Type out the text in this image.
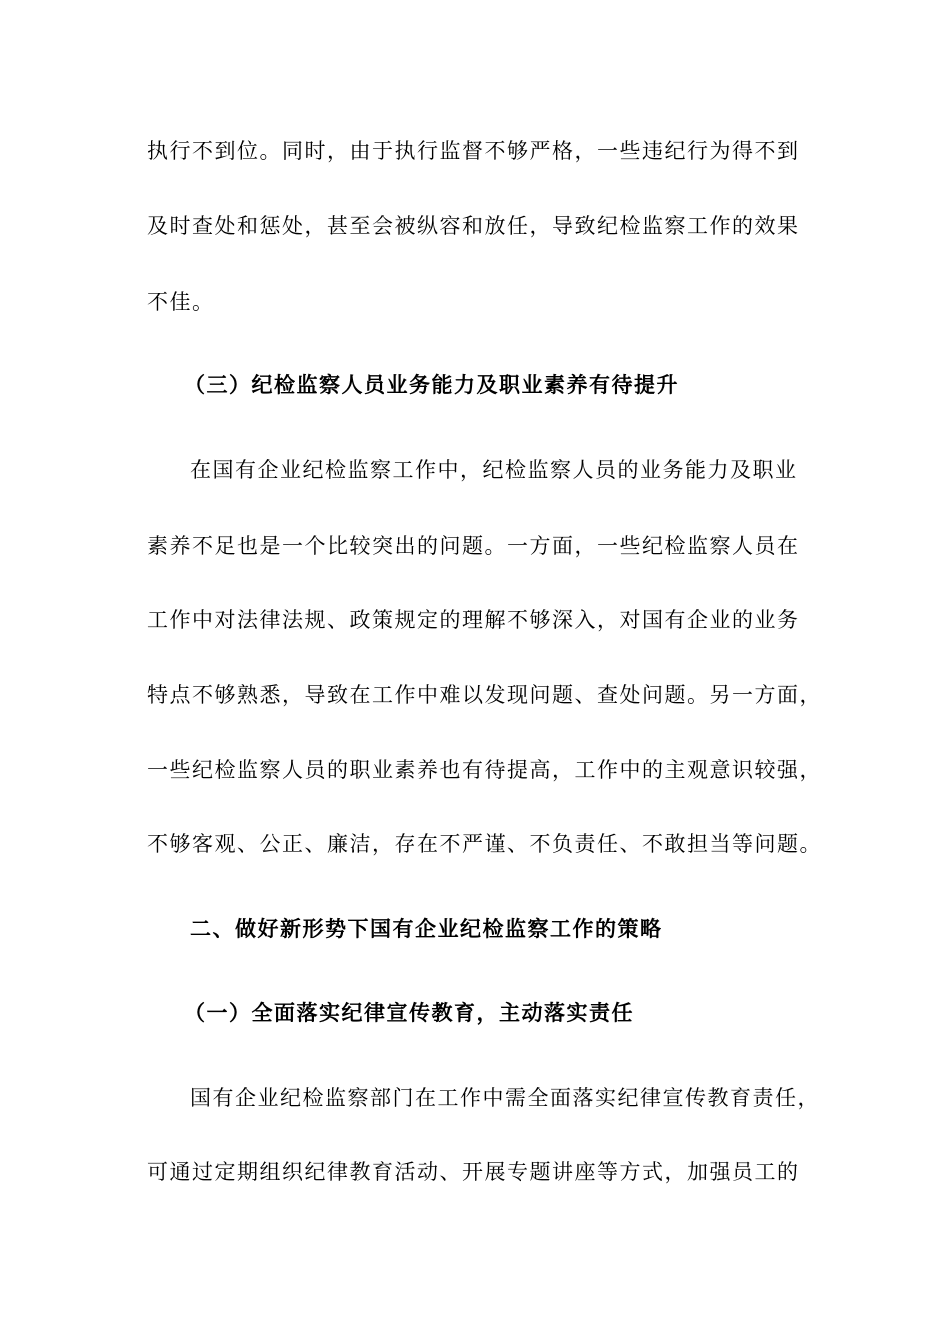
执行不到位。同时，由于执行监督不够严格，一些违纪行为得不到
及时查处和惩处，甚至会被纵容和放任，导致纪检监察工作的效果
不佳。
（三）纪检监察人员业务能力及职业素养有待提升
在国有企业纪检监察工作中，纪检监察人员的业务能力及职业
素养不足也是一个比较突出的问题。一方面，一些纪检监察人员在
工作中对法律法规、政策规定的理解不够深入，对国有企业的业务
特点不够熟悉，导致在工作中难以发现问题、查处问题。另一方面，
一些纪检监察人员的职业素养也有待提高，工作中的主观意识较强，
不够客观、公正、廉洁，存在不严谨、不负责任、不敢担当等问题。
二、做好新形势下国有企业纪检监察工作的策略
（一）全面落实纪律宣传教育，主动落实责任
国有企业纪检监察部门在工作中需全面落实纪律宣传教育责任，
可通过定期组织纪律教育活动、开展专题讲座等方式，加强员工的
